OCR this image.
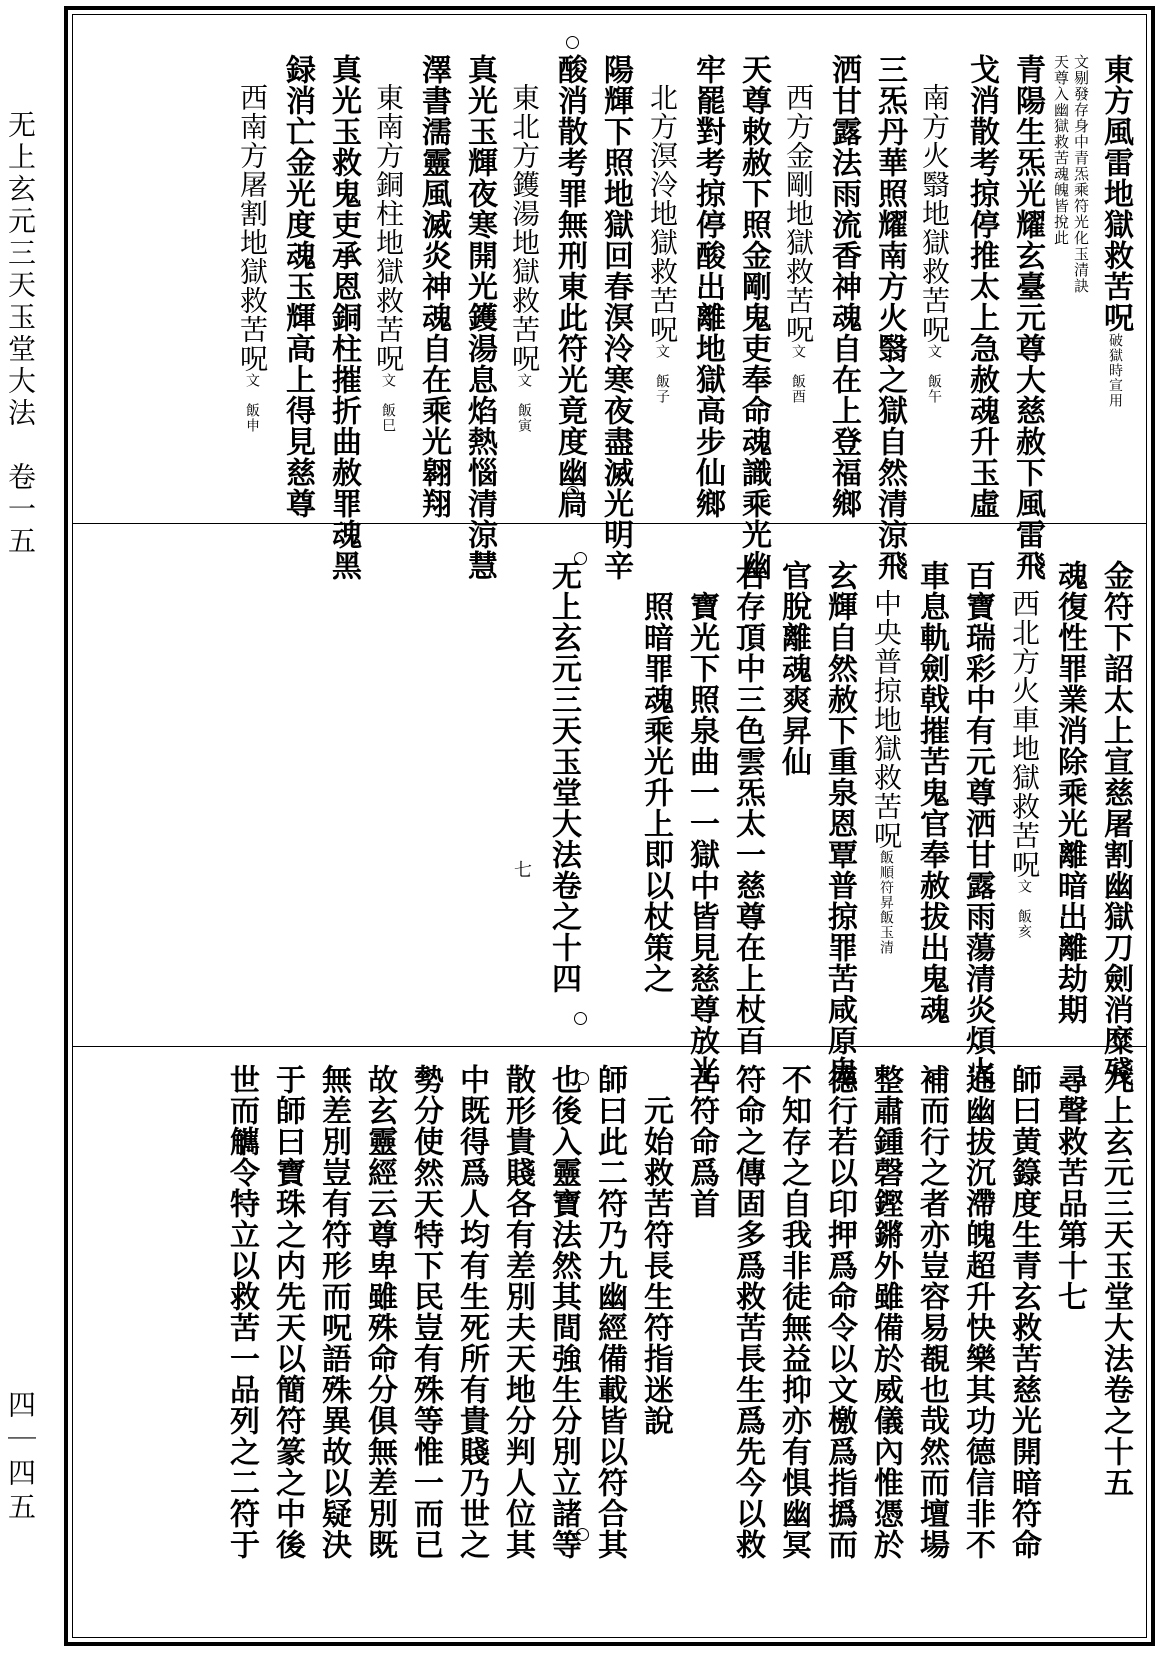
无上玄元三天玉堂大法　卷一五
四｜四五
東方風雷地獄救苦呪破獄時宣用
文剔發存身中青炁乘符光化玉清訣
天尊入幽獄救苦魂魄皆挩此
青陽生炁光耀玄臺元尊大慈赦下風雷飛
戈消散考掠停推太上急赦魂升玉虛
　南方火翳地獄救苦呪文　飯午
三炁丹華照耀南方火翳之獄自然清涼飛
洒甘露法雨流香神魂自在上登福鄉
　西方金剛地獄救苦呪文　飯酉
天尊敕赦下照金剛鬼吏奉命魂識乘光幽
牢罷對考掠停酸出離地獄高步仙鄉
　北方溟泠地獄救苦呪文　飯子
陽輝下照地獄回春溟泠寒夜盡滅光明辛
酸消散考罪無刑東此符光竟度幽扃
　東北方鑊湯地獄救苦呪文　飯寅
真光玉輝夜寒開光鑊湯息焰熱惱清涼慧
澤書濡靈風滅炎神魂自在乘光翱翔
　東南方銅柱地獄救苦呪文　飯巳
真光玉救鬼吏承恩銅柱摧折曲赦罪魂黑
録消亡金光度魂玉輝高上得見慈尊
　西南方屠割地獄救苦呪文　飯申
金符下詔太上宣慈屠割幽獄刀劍消糜殘
魂復性罪業消除乘光離暗出離劫期
　西北方火車地獄救苦呪文　飯亥
百寶瑞彩中有元尊洒甘露雨蕩清炎煩火
車息軌劍戟摧苦鬼官奉赦拔出鬼魂
　中央普掠地獄救苦呪飯順符昇飯玉清
玄輝自然赦下重泉恩覃普掠罪苦咸原鬼
官脫離魂爽昇仙
右存頂中三色雲炁太一慈尊在上杖百
　寶光下照泉曲一一獄中皆見慈尊放光
　照暗罪魂乘光升上即以杖策之
无上玄元三天玉堂大法卷之十四
七
九上玄元三天玉堂大法卷之十五
尋聲救苦品第十七
師曰黄籙度生青玄救苦慈光開暗符命
通幽拔沉滯魄超升快樂其功德信非不
補而行之者亦豈容易覩也哉然而壇場
整肅鍾磬鏗鏘外雖備於威儀內惟憑於
德行若以印押爲命令以文檄爲指撝而
不知存之自我非徒無益抑亦有惧幽冥
符命之傳固多爲救苦長生爲先今以救
苦符命爲首
　元始救苦符長生符指迷說
師曰此二符乃九幽經備載皆以符合其
也後入靈寶法然其間強生分別立諸等
散形貴賤各有差別夫天地分判人位其
中既得爲人均有生死所有貴賤乃世之
勢分使然天特下民豈有殊等惟一而已
故玄靈經云尊卑雖殊命分俱無差別既
無差別豈有符形而呪語殊異故以疑決
于師曰寶珠之内先天以簡符篆之中後
世而觽令特立以救苦一品列之二符于
